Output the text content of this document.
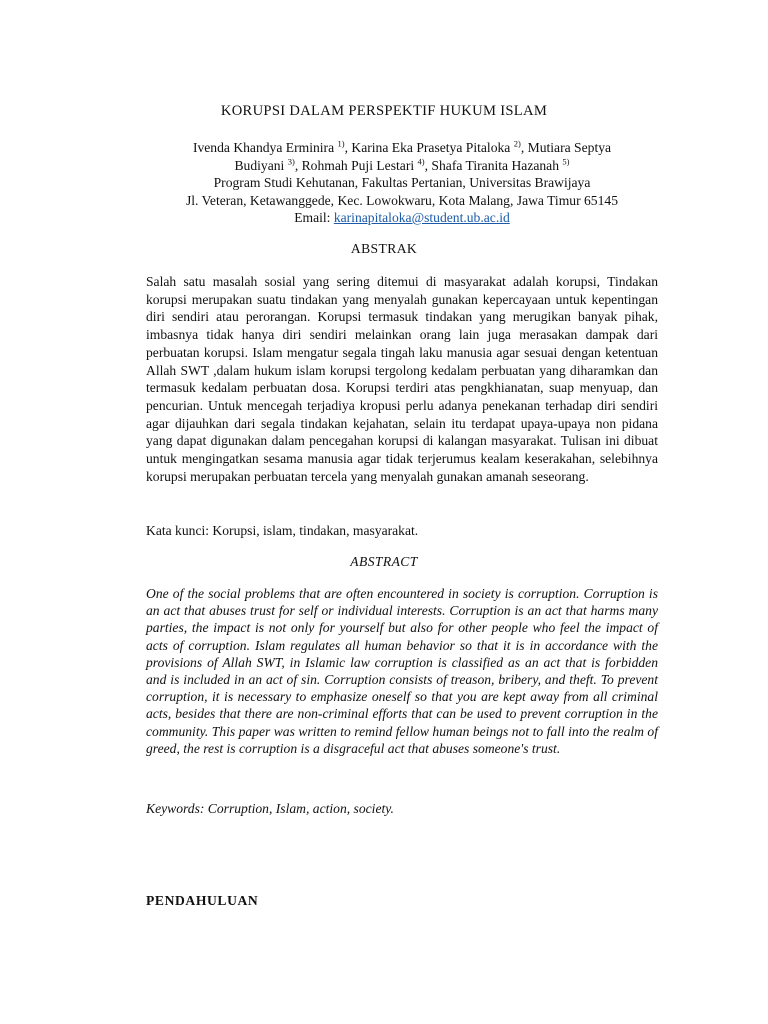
KORUPSI DALAM PERSPEKTIF HUKUM ISLAM
Ivenda Khandya Erminira $^{1)}$, Karina Eka Prasetya Pitaloka $^{2)}$, Mutiara Septya
Budiyani $^{3)}$, Rohmah Puji Lestari $^{4)}$, Shafa Tiranita Hazanah $^{5)}$
Program Studi Kehutanan, Fakultas Pertanian, Universitas Brawijaya
Jl. Veteran, Ketawanggede, Kec. Lowokwaru, Kota Malang, Jawa Timur 65145
Email: karinapitaloka@student.ub.ac.id
ABSTRAK

Salah satu masalah sosial yang sering ditemui di masyarakat adalah korupsi, Tindakan korupsi merupakan suatu tindakan yang menyalah gunakan kepercayaan untuk kepentingan diri sendiri atau perorangan. Korupsi termasuk tindakan yang merugikan banyak pihak, imbasnya tidak hanya diri sendiri melainkan orang lain juga merasakan dampak dari perbuatan korupsi. Islam mengatur segala tingah laku manusia agar sesuai dengan ketentuan Allah SWT ,dalam hukum islam korupsi tergolong kedalam perbuatan yang diharamkan dan termasuk kedalam perbuatan dosa. Korupsi terdiri atas pengkhianatan, suap menyuap, dan pencurian. Untuk mencegah terjadiya kropusi perlu adanya penekanan terhadap diri sendiri agar dijauhkan dari segala tindakan kejahatan, selain itu terdapat upaya-upaya non pidana yang dapat digunakan dalam pencegahan korupsi di kalangan masyarakat. Tulisan ini dibuat untuk mengingatkan sesama manusia agar tidak terjerumus kealam keserakahan, selebihnya korupsi merupakan perbuatan tercela yang menyalah gunakan amanah seseorang.

Kata kunci: Korupsi, islam, tindakan, masyarakat.

ABSTRACT

One of the social problems that are often encountered in society is corruption. Corruption is an act that abuses trust for self or individual interests. Corruption is an act that harms many parties, the impact is not only for yourself but also for other people who feel the impact of acts of corruption. Islam regulates all human behavior so that it is in accordance with the provisions of Allah SWT, in Islamic law corruption is classified as an act that is forbidden and is included in an act of sin. Corruption consists of treason, bribery, and theft. To prevent corruption, it is necessary to emphasize oneself so that you are kept away from all criminal acts, besides that there are non-criminal efforts that can be used to prevent corruption in the community. This paper was written to remind fellow human beings not to fall into the realm of greed, the rest is corruption is a disgraceful act that abuses someone's trust.

Keywords: Corruption, Islam, action, society.

PENDAHULUAN
